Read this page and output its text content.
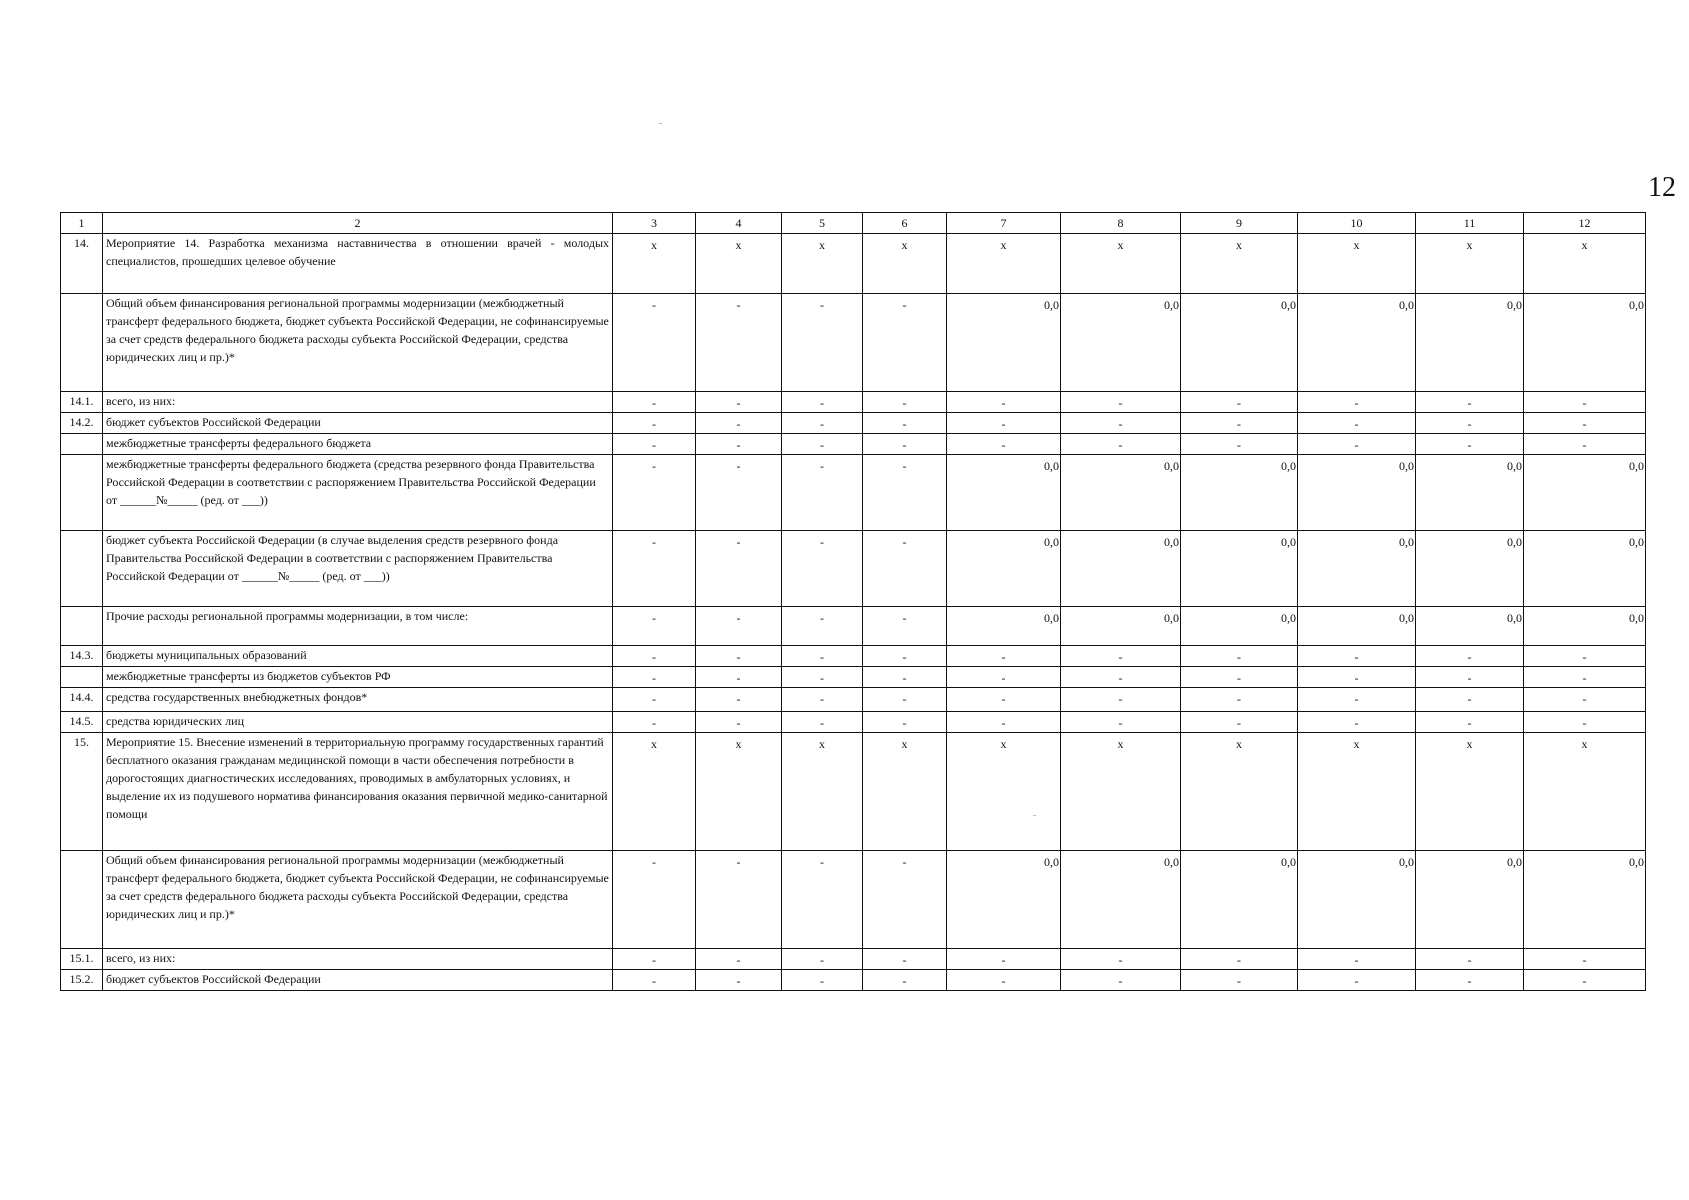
12
1	2	3	4	5	6	7	8	9	10	11	12
14.	Мероприятие 14. Разработка механизма наставничества в отношении врачей - молодых специалистов, прошедших целевое обучение	x	x	x	x	x	x	x	x	x	x
	Общий объем финансирования региональной программы модернизации (межбюджетный трансферт федерального бюджета, бюджет субъекта Российской Федерации, не софинансируемые за счет средств федерального бюджета расходы субъекта Российской Федерации, средства юридических лиц и пр.)*	-	-	-	-	0,0	0,0	0,0	0,0	0,0	0,0
14.1.	всего, из них:	-	-	-	-	-	-	-	-	-	-
14.2.	бюджет субъектов Российской Федерации	-	-	-	-	-	-	-	-	-	-
	межбюджетные трансферты федерального бюджета	-	-	-	-	-	-	-	-	-	-
	межбюджетные трансферты федерального бюджета (средства резервного фонда Правительства Российской Федерации в соответствии с распоряжением Правительства Российской Федерации от ______№_____ (ред. от ___))	-	-	-	-	0,0	0,0	0,0	0,0	0,0	0,0
	бюджет субъекта Российской Федерации (в случае выделения средств резервного фонда Правительства Российской Федерации в соответствии с распоряжением Правительства Российской Федерации от ______№_____ (ред. от ___))	-	-	-	-	0,0	0,0	0,0	0,0	0,0	0,0
	Прочие расходы региональной программы модернизации, в том числе:	-	-	-	-	0,0	0,0	0,0	0,0	0,0	0,0
14.3.	бюджеты муниципальных образований	-	-	-	-	-	-	-	-	-	-
	межбюджетные трансферты из бюджетов субъектов РФ	-	-	-	-	-	-	-	-	-	-
14.4.	средства государственных внебюджетных фондов*	-	-	-	-	-	-	-	-	-	-
14.5.	средства юридических лиц	-	-	-	-	-	-	-	-	-	-
15.	Мероприятие 15. Внесение изменений в территориальную программу государственных гарантий бесплатного оказания гражданам медицинской помощи в части обеспечения потребности в дорогостоящих диагностических исследованиях, проводимых в амбулаторных условиях, и выделение их из подушевого норматива финансирования оказания первичной медико-санитарной помощи	x	x	x	x	x	x	x	x	x	x
	Общий объем финансирования региональной программы модернизации (межбюджетный трансферт федерального бюджета, бюджет субъекта Российской Федерации, не софинансируемые за счет средств федерального бюджета расходы субъекта Российской Федерации, средства юридических лиц и пр.)*	-	-	-	-	0,0	0,0	0,0	0,0	0,0	0,0
15.1.	всего, из них:	-	-	-	-	-	-	-	-	-	-
15.2.	бюджет субъектов Российской Федерации	-	-	-	-	-	-	-	-	-	-
